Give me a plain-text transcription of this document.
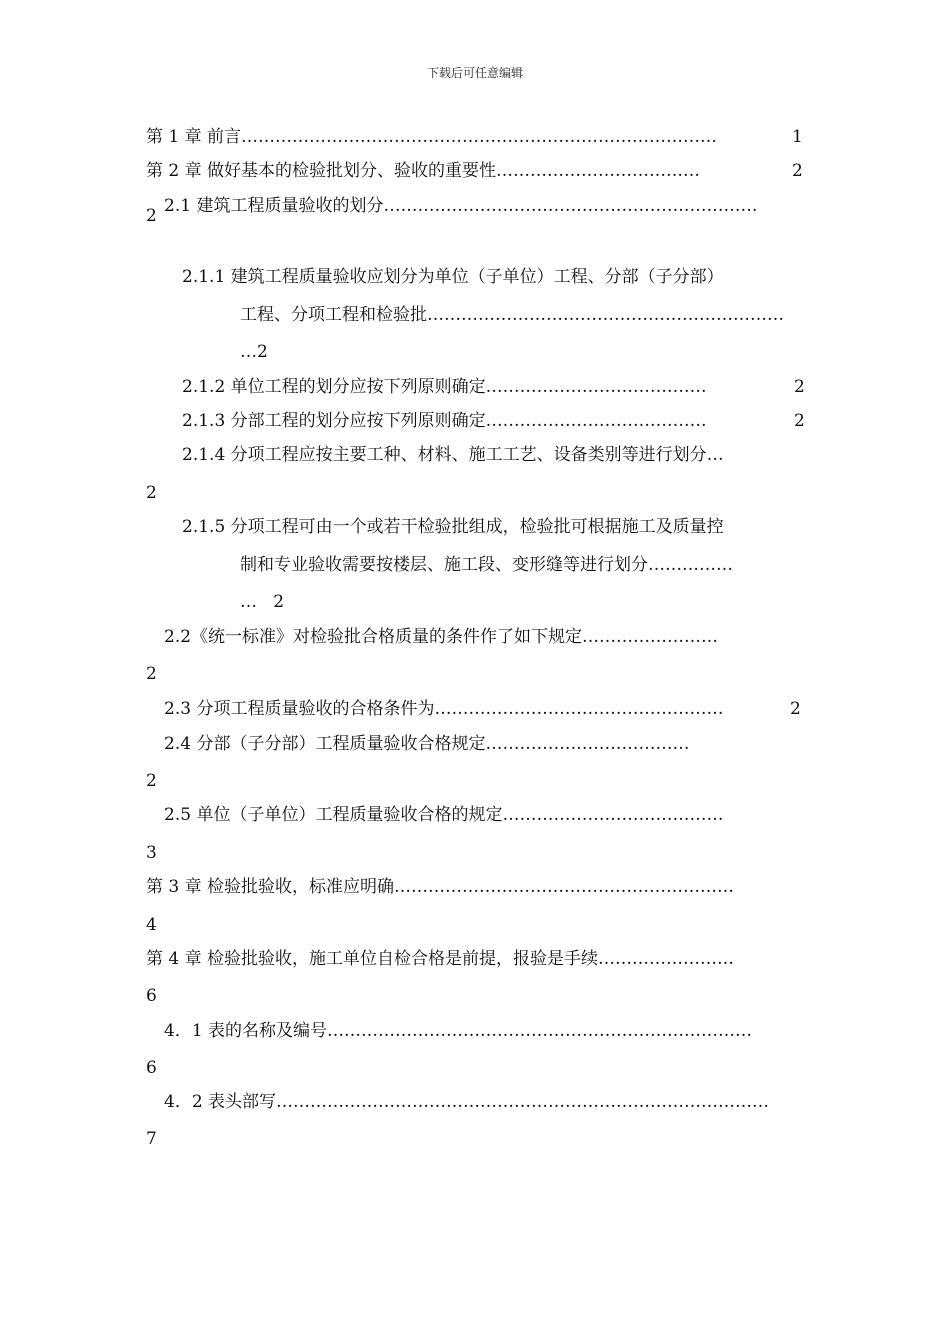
下载后可任意编辑
第 1 章 前言…………………………………………………………………………	1
第 2 章 做好基本的检验批划分、验收的重要性………………………………	2
2.1 建筑工程质量验收的划分…………………………………………………………
2
2.1.1 建筑工程质量验收应划分为单位（子单位）工程、分部（子分部）
工程、分项工程和检验批………………………………………………………
…2
2.1.2 单位工程的划分应按下列原则确定…………………………………	2
2.1.3 分部工程的划分应按下列原则确定…………………………………	2
2.1.4 分项工程应按主要工种、材料、施工工艺、设备类别等进行划分…
2
2.1.5 分项工程可由一个或若干检验批组成，检验批可根据施工及质量控
制和专业验收需要按楼层、施工段、变形缝等进行划分……………
…   2
2.2《统一标准》对检验批合格质量的条件作了如下规定……………………
2
2.3 分项工程质量验收的合格条件为……………………………………………	2
2.4 分部（子分部）工程质量验收合格规定………………………………
2
2.5 单位（子单位）工程质量验收合格的规定…………………………………
3
第 3 章 检验批验收，标准应明确……………………………………………………
4
第 4 章 检验批验收，施工单位自检合格是前提，报验是手续……………………
6
4．1 表的名称及编号…………………………………………………………………
6
4．2 表头部写……………………………………………………………………………
7
